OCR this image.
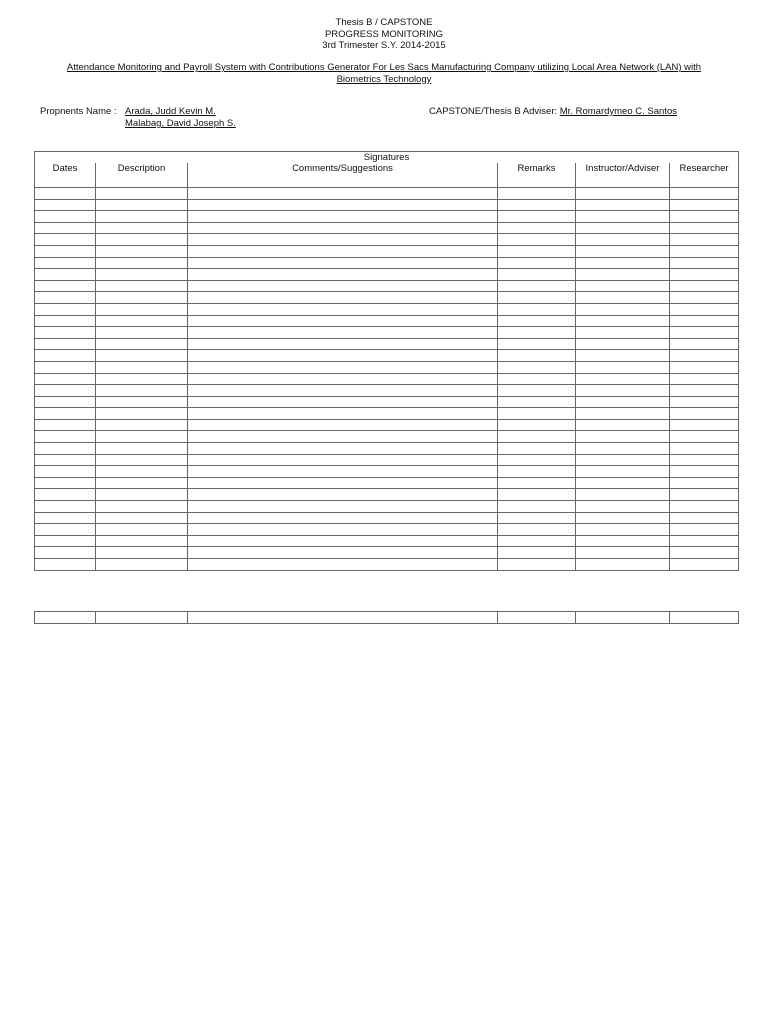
Thesis B / CAPSTONE
PROGRESS MONITORING
3rd Trimester S.Y. 2014-2015
Attendance Monitoring and Payroll System with Contributions Generator For Les Sacs Manufacturing Company utilizing Local Area Network (LAN) with
Biometrics Technology
Propnents Name : Arada, Judd Kevin M.
Malabag, David Joseph S.
CAPSTONE/Thesis B Adviser: Mr. Romardymeo C. Santos
Signatures					
Dates	Description	Comments/Suggestions	Remarks	Instructor/Adviser	Researcher
